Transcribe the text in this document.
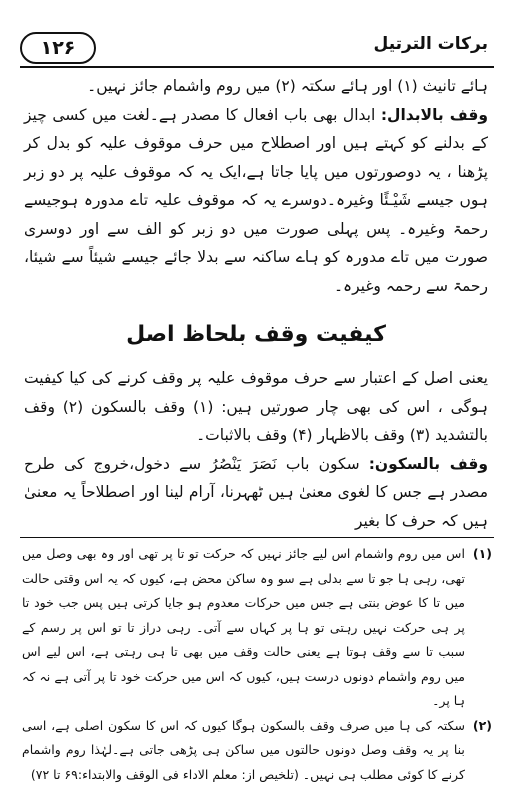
۱۲۶	برکات الترتیل

ہائے تانیث (۱) اور ہائے سکتہ (۲) میں روم واشمام جائز نہیں۔

وقف بالابدال: ابدال بھی باب افعال کا مصدر ہے۔لغت میں کسی چیز کے بدلنے کو کہتے ہیں اور اصطلاح میں حرف موقوف علیہ کو بدل کر پڑھنا ، یہ دوصورتوں میں پایا جاتا ہے،ایک یہ کہ موقوف علیہ پر دو زبر ہوں جیسے شَیْـئًا وغیرہ۔دوسرے یہ کہ موقوف علیہ تاے مدورہ ہوجیسے رحمۃ وغیرہ۔ پس پہلی صورت میں دو زبر کو الف سے اور دوسری صورت میں تاے مدورہ کو ہاے ساکنہ سے بدلا جائے جیسے شیئاً سے شیئا، رحمۃ سے رحمہ وغیرہ۔

کیفیت وقف بلحاظ اصل

یعنی اصل کے اعتبار سے حرف موقوف علیہ پر وقف کرنے کی کیا کیفیت ہوگی ، اس کی بھی چار صورتیں ہیں: (۱) وقف بالسکون (۲) وقف بالتشدید (۳) وقف بالاظہار (۴) وقف بالاثبات۔

وقف بالسکون: سکون باب نَصَرَ یَنْصُرُ سے دخول،خروج کی طرح مصدر ہے جس کا لغوی معنیٰ ہیں ٹھہرنا، آرام لینا اور اصطلاحاً یہ معنیٰ ہیں کہ حرف کا بغیر

(۱)
اس میں روم واشمام اس لیے جائز نہیں کہ حرکت تو تا پر تھی اور وہ بھی وصل میں تھی، رہی ہا جو تا سے بدلی ہے سو وہ ساکن محض ہے، کیوں کہ یہ اس وقتی حالت میں تا کا عوض بنتی ہے جس میں حرکات معدوم ہو جایا کرتی ہیں پس جب خود تا پر ہی حرکت نہیں رہتی تو ہا پر کہاں سے آتی۔ رہی دراز تا تو اس پر رسم کے سبب تا سے وقف ہوتا ہے یعنی حالت وقف میں بھی تا ہی رہتی ہے، اس لیے اس میں روم واشمام دونوں درست ہیں، کیوں کہ اس میں حرکت خود تا پر آتی ہے نہ کہ ہا پر۔
(۲)
سکتہ کی ہا میں صرف وقف بالسکون ہوگا کیوں کہ اس کا سکون اصلی ہے، اسی بنا پر یہ وقف وصل دونوں حالتوں میں ساکن ہی پڑھی جاتی ہے۔لہٰذا روم واشمام کرنے کا کوئی مطلب ہی نہیں۔ (تلخیص از: معلم الاداء فی الوقف والابتداء:۶۹ تا ۷۲)
